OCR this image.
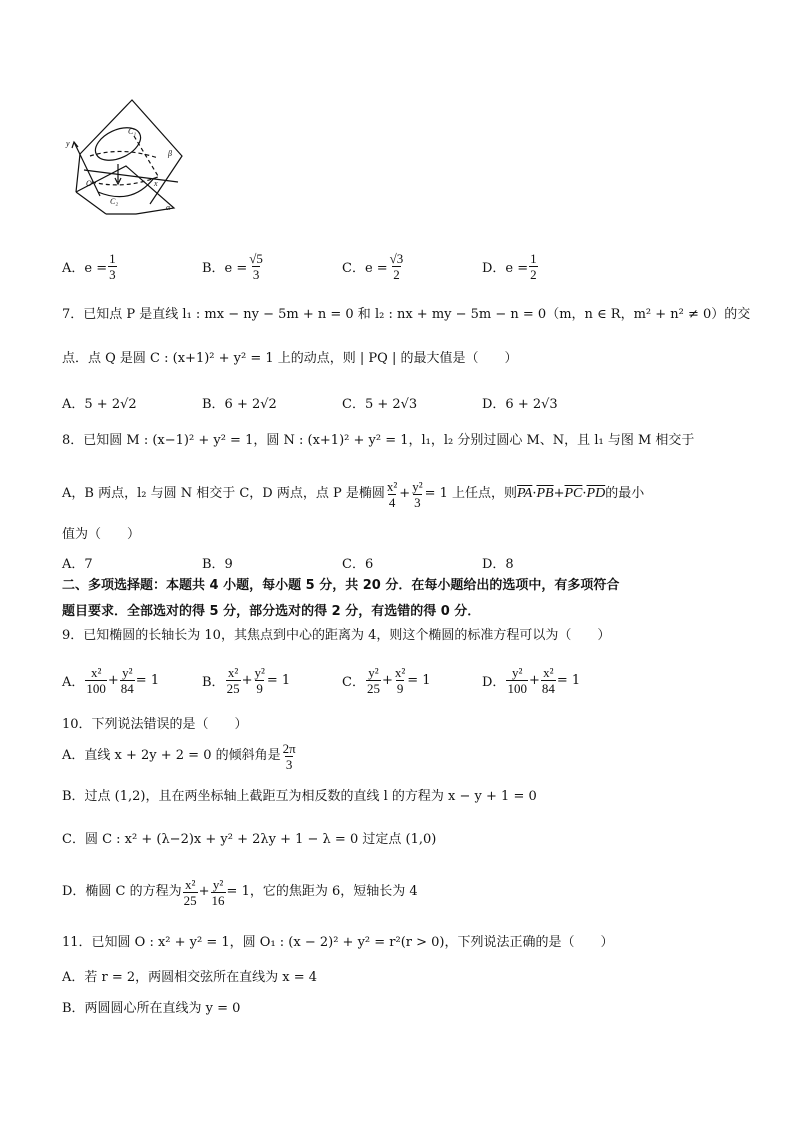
y
C₁
β
O	x
C₂
α
A．$e = \frac{1}{3}$	B．$e = \frac{√5}{3}$	C．$e = \frac{√3}{2}$	D．$e = \frac{1}{2}$
7．已知点 P 是直线 l₁ : mx − ny − 5m + n = 0 和 l₂ : nx + my − 5m − n = 0（m，n ∈ R，m² + n² ≠ 0）的交
点．点 Q 是圆 C : (x+1)² + y² = 1 上的动点，则 | PQ | 的最大值是（　　）
A．5 + 2√2	B．6 + 2√2	C．5 + 2√3	D．6 + 2√3
8．已知圆 M : (x−1)² + y² = 1，圆 N : (x+1)² + y² = 1，l₁，l₂ 分别过圆心 M、N，且 l₁ 与图 M 相交于
A，B 两点，l₂ 与圆 N 相交于 C，D 两点，点 P 是椭圆 $\frac{\text{x²}}{4} + \frac{\text{y²}}{3} = 1$ 上任点，则 $\overline{PA} \cdot \overline{PB} + \overline{PC} \cdot \overline{PD}$ 的最小
值为（　　）
A．7	B．9	C．6	D．8
二、多项选择题：本题共 4 小题，每小题 5 分，共 20 分．在每小题给出的选项中，有多项符合
题目要求．全部选对的得 5 分，部分选对的得 2 分，有选错的得 0 分．
9．已知椭圆的长轴长为 10，其焦点到中心的距离为 4，则这个椭圆的标准方程可以为（　　）
A． $\frac{\text{x²}}{100} + \frac{\text{y²}}{84} = 1$	B． $\frac{\text{x²}}{25} + \frac{\text{y²}}{9} = 1$	C． $\frac{\text{y²}}{25} + \frac{\text{x²}}{9} = 1$	D． $\frac{\text{y²}}{100} + \frac{\text{x²}}{84} = 1$
10．下列说法错误的是（　　）
A．直线 x + 2y + 2 = 0 的倾斜角是 $\frac{2\pi}{3}$
B．过点 (1,2)，且在两坐标轴上截距互为相反数的直线 l 的方程为 x − y + 1 = 0
C．圆 C : x² + (λ−2)x + y² + 2λy + 1 − λ = 0 过定点 (1,0)
D．椭圆 C 的方程为 $\frac{\text{x²}}{25} + \frac{\text{y²}}{16} = 1$，它的焦距为 6，短轴长为 4
11．已知圆 O : x² + y² = 1，圆 O₁ : (x − 2)² + y² = r²(r > 0)，下列说法正确的是（　　）
A．若 r = 2，两圆相交弦所在直线为 x = 4
B．两圆圆心所在直线为 y = 0
